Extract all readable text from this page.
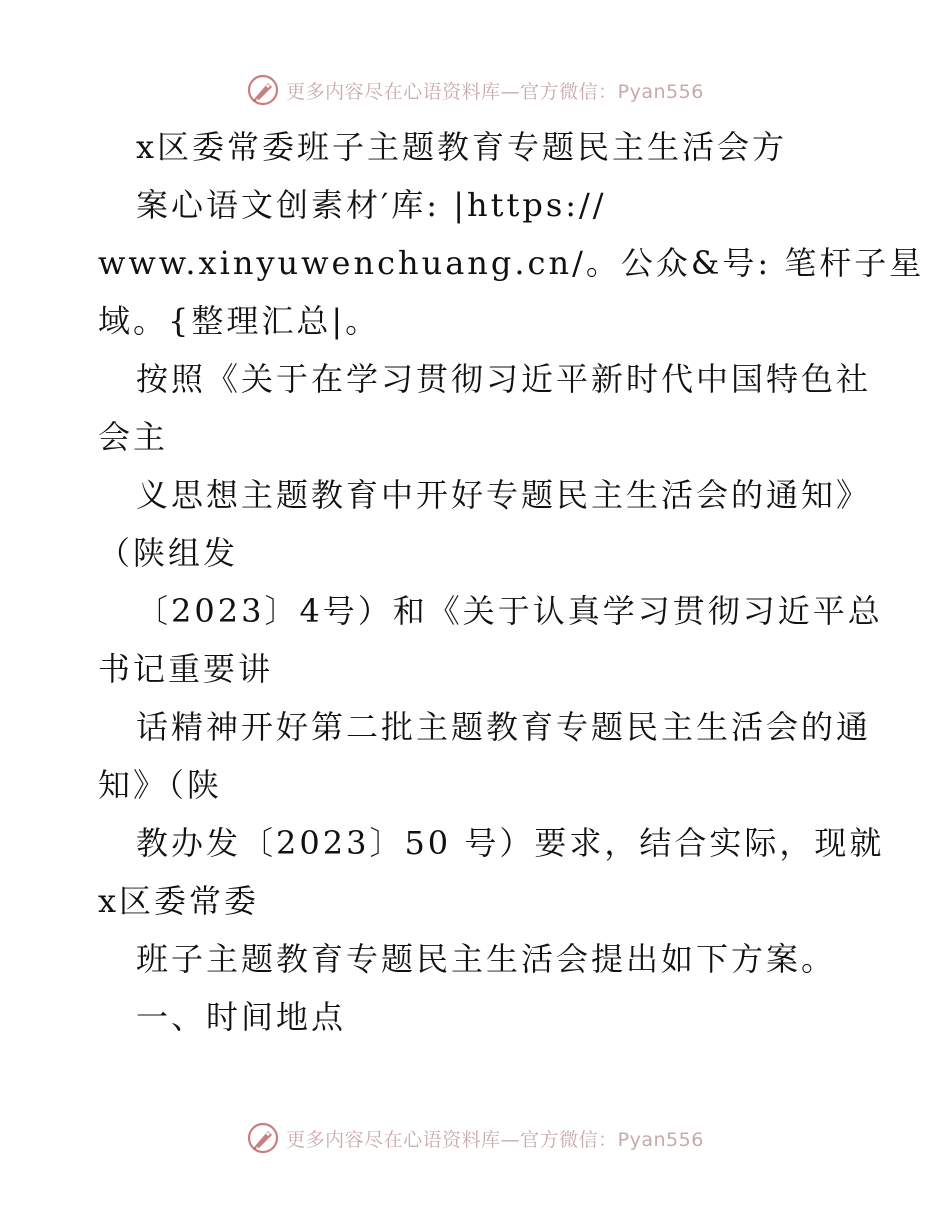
更多内容尽在心语资料库—官方微信：Pyan556
x区委常委班子主题教育专题民主生活会方
案心语文创素材′库: |https://
www.xinyuwenchuang.cn/。公众&号: 笔杆子星
域。{整理汇总|。
按照《关于在学习贯彻习近平新时代中国特色社
会主
义思想主题教育中开好专题民主生活会的通知》
（陕组发
〔2023〕4号）和《关于认真学习贯彻习近平总
书记重要讲
话精神开好第二批主题教育专题民主生活会的通
知》（陕
教办发〔2023〕50 号）要求，结合实际，现就
x区委常委
班子主题教育专题民主生活会提出如下方案。
一、时间地点
更多内容尽在心语资料库—官方微信：Pyan556
